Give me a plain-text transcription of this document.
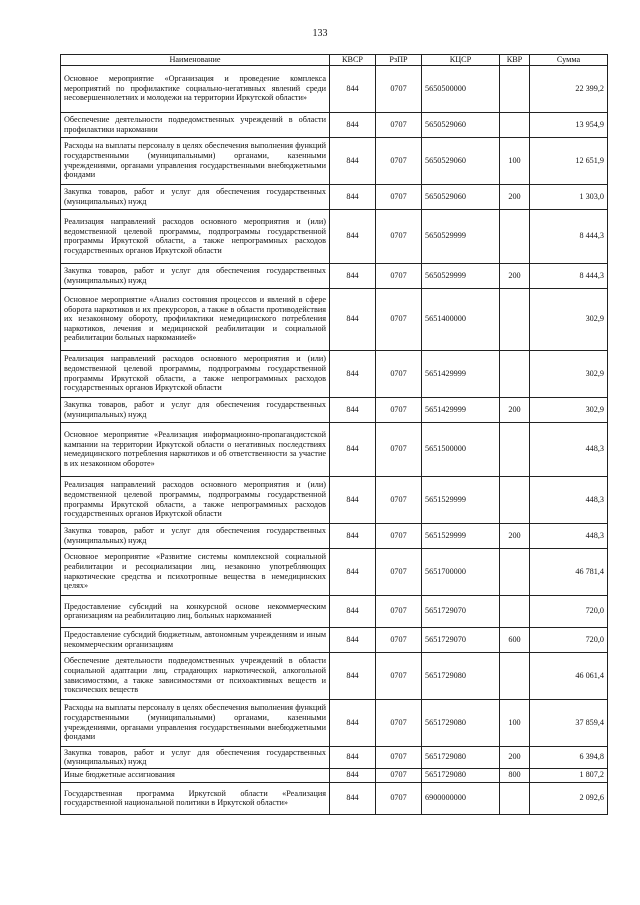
133
Наименование	КВСР	РзПР	КЦСР	КВР	Сумма
Основное мероприятие «Организация и проведение комплекса мероприятий по профилактике социально-негативных явлений среди несовершеннолетних и молодежи на территории Иркутской области»	844	0707	5650500000		22 399,2
Обеспечение деятельности подведомственных учреждений в области профилактики наркомании	844	0707	5650529060		13 954,9
Расходы на выплаты персоналу в целях обеспечения выполнения функций государственными (муниципальными) органами, казенными учреждениями, органами управления государственными внебюджетными фондами	844	0707	5650529060	100	12 651,9
Закупка товаров, работ и услуг для обеспечения государственных (муниципальных) нужд	844	0707	5650529060	200	1 303,0
Реализация направлений расходов основного мероприятия и (или) ведомственной целевой программы, подпрограммы государственной программы Иркутской области, а также непрограммных расходов государственных органов Иркутской области	844	0707	5650529999		8 444,3
Закупка товаров, работ и услуг для обеспечения государственных (муниципальных) нужд	844	0707	5650529999	200	8 444,3
Основное мероприятие «Анализ состояния процессов и явлений в сфере оборота наркотиков и их прекурсоров, а также в области противодействия их незаконному обороту, профилактики немедицинского потребления наркотиков, лечения и медицинской реабилитации и социальной реабилитации больных наркоманией»	844	0707	5651400000		302,9
Реализация направлений расходов основного мероприятия и (или) ведомственной целевой программы, подпрограммы государственной программы Иркутской области, а также непрограммных расходов государственных органов Иркутской области	844	0707	5651429999		302,9
Закупка товаров, работ и услуг для обеспечения государственных (муниципальных) нужд	844	0707	5651429999	200	302,9
Основное мероприятие «Реализация информационно-пропагандистской кампании на территории Иркутской области о негативных последствиях немедицинского потребления наркотиков и об ответственности за участие в их незаконном обороте»	844	0707	5651500000		448,3
Реализация направлений расходов основного мероприятия и (или) ведомственной целевой программы, подпрограммы государственной программы Иркутской области, а также непрограммных расходов государственных органов Иркутской области	844	0707	5651529999		448,3
Закупка товаров, работ и услуг для обеспечения государственных (муниципальных) нужд	844	0707	5651529999	200	448,3
Основное мероприятие «Развитие системы комплексной социальной реабилитации и ресоциализации лиц, незаконно употребляющих наркотические средства и психотропные вещества в немедицинских целях»	844	0707	5651700000		46 781,4
Предоставление субсидий на конкурсной основе некоммерческим организациям на реабилитацию лиц, больных наркоманией	844	0707	5651729070		720,0
Предоставление субсидий бюджетным, автономным учреждениям и иным некоммерческим организациям	844	0707	5651729070	600	720,0
Обеспечение деятельности подведомственных учреждений в области социальной адаптации лиц, страдающих наркотической, алкогольной зависимостями, а также зависимостями от психоактивных веществ и токсических веществ	844	0707	5651729080		46 061,4
Расходы на выплаты персоналу в целях обеспечения выполнения функций государственными (муниципальными) органами, казенными учреждениями, органами управления государственными внебюджетными фондами	844	0707	5651729080	100	37 859,4
Закупка товаров, работ и услуг для обеспечения государственных (муниципальных) нужд	844	0707	5651729080	200	6 394,8
Иные бюджетные ассигнования	844	0707	5651729080	800	1 807,2
Государственная программа Иркутской области «Реализация государственной национальной политики в Иркутской области»	844	0707	6900000000		2 092,6
